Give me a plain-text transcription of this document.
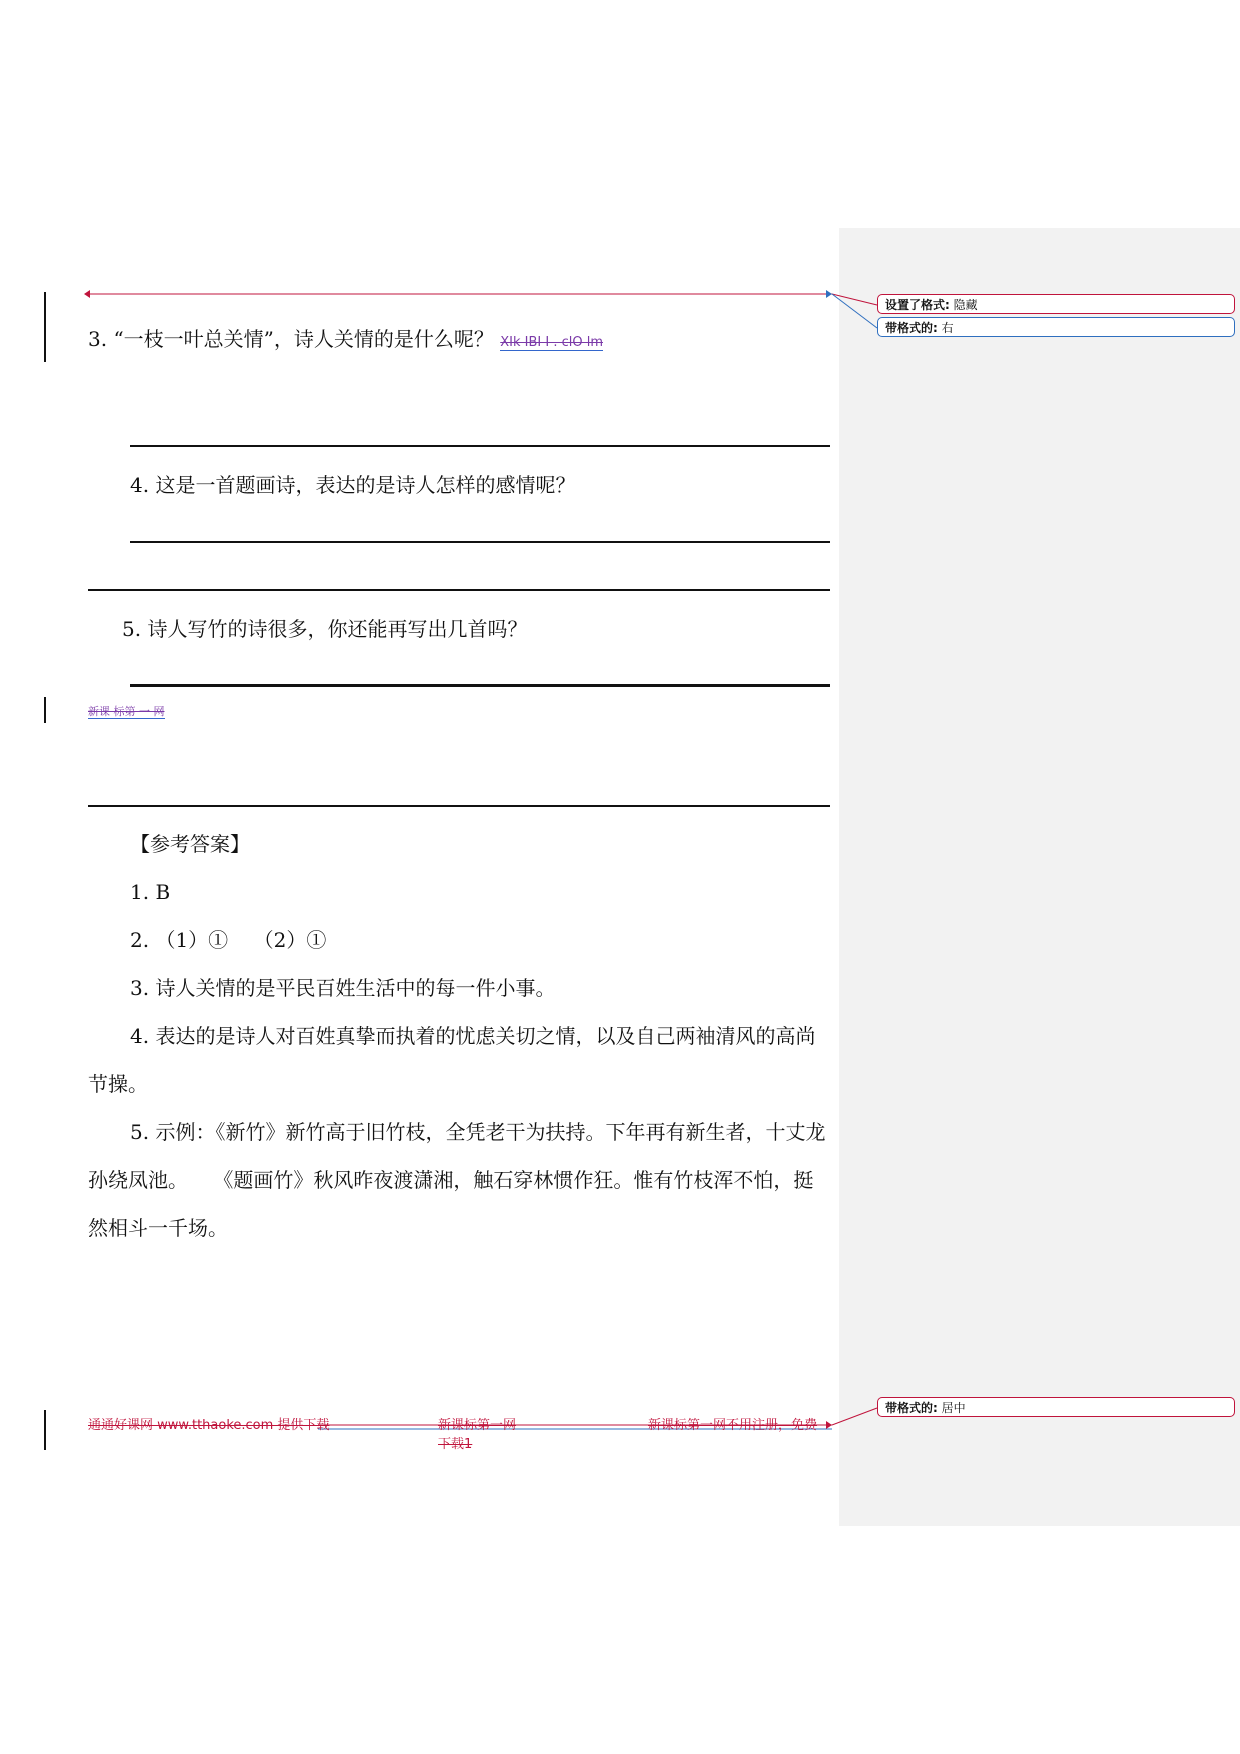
3. “一枝一叶总关情”，诗人关情的是什么呢？ XIk IBI I . clO lm
4. 这是一首题画诗，表达的是诗人怎样的感情呢？
5. 诗人写竹的诗很多，你还能再写出几首吗？
新课 标第 一 网

【参考答案】

1. B

2. （1）①    （2）①

3. 诗人关情的是平民百姓生活中的每一件小事。

4. 表达的是诗人对百姓真挚而执着的忧虑关切之情，以及自己两袖清风的高尚节操。

5. 示例：《新竹》新竹高于旧竹枝，全凭老干为扶持。下年再有新生者，十丈龙孙绕凤池。    《题画竹》秋风昨夜渡潇湘，触石穿林惯作狂。惟有竹枝浑不怕，挺然相斗一千场。

通通好课网 www.tthaoke.com 提供下载	新课标第一网
下载1
新课标第一网不用注册，免费
设置了格式: 隐藏
带格式的: 右
带格式的: 居中
